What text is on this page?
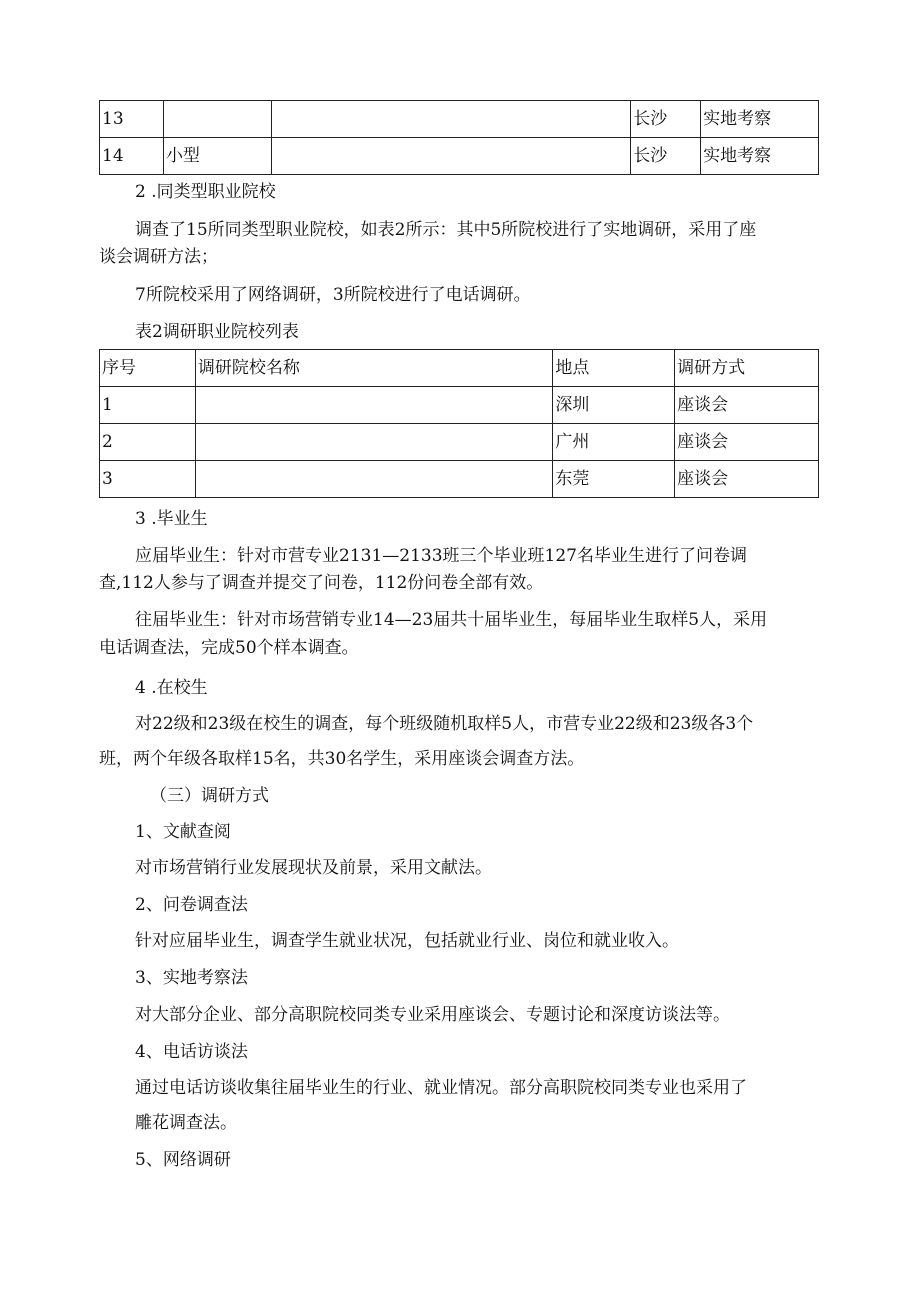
13			长沙	实地考察
14	小型		长沙	实地考察
2 .同类型职业院校
调查了15所同类型职业院校，如表2所示：其中5所院校进行了实地调研，采用了座
谈会调研方法；
7所院校采用了网络调研，3所院校进行了电话调研。
表2调研职业院校列表
序号	调研院校名称	地点	调研方式
1		深圳	座谈会
2		广州	座谈会
3		东莞	座谈会
3 .毕业生
应届毕业生：针对市营专业2131—2133班三个毕业班127名毕业生进行了问卷调
查,112人参与了调查并提交了问卷，112份问卷全部有效。
往届毕业生：针对市场营销专业14—23届共十届毕业生，每届毕业生取样5人，采用
电话调查法，完成50个样本调查。
4 .在校生
对22级和23级在校生的调查，每个班级随机取样5人，市营专业22级和23级各3个
班，两个年级各取样15名，共30名学生，采用座谈会调查方法。
（三）调研方式
1、文献查阅
对市场营销行业发展现状及前景，采用文献法。
2、问卷调查法
针对应届毕业生，调查学生就业状况，包括就业行业、岗位和就业收入。
3、实地考察法
对大部分企业、部分高职院校同类专业采用座谈会、专题讨论和深度访谈法等。
4、电话访谈法
通过电话访谈收集往届毕业生的行业、就业情况。部分高职院校同类专业也采用了
雕花调查法。
5、网络调研
